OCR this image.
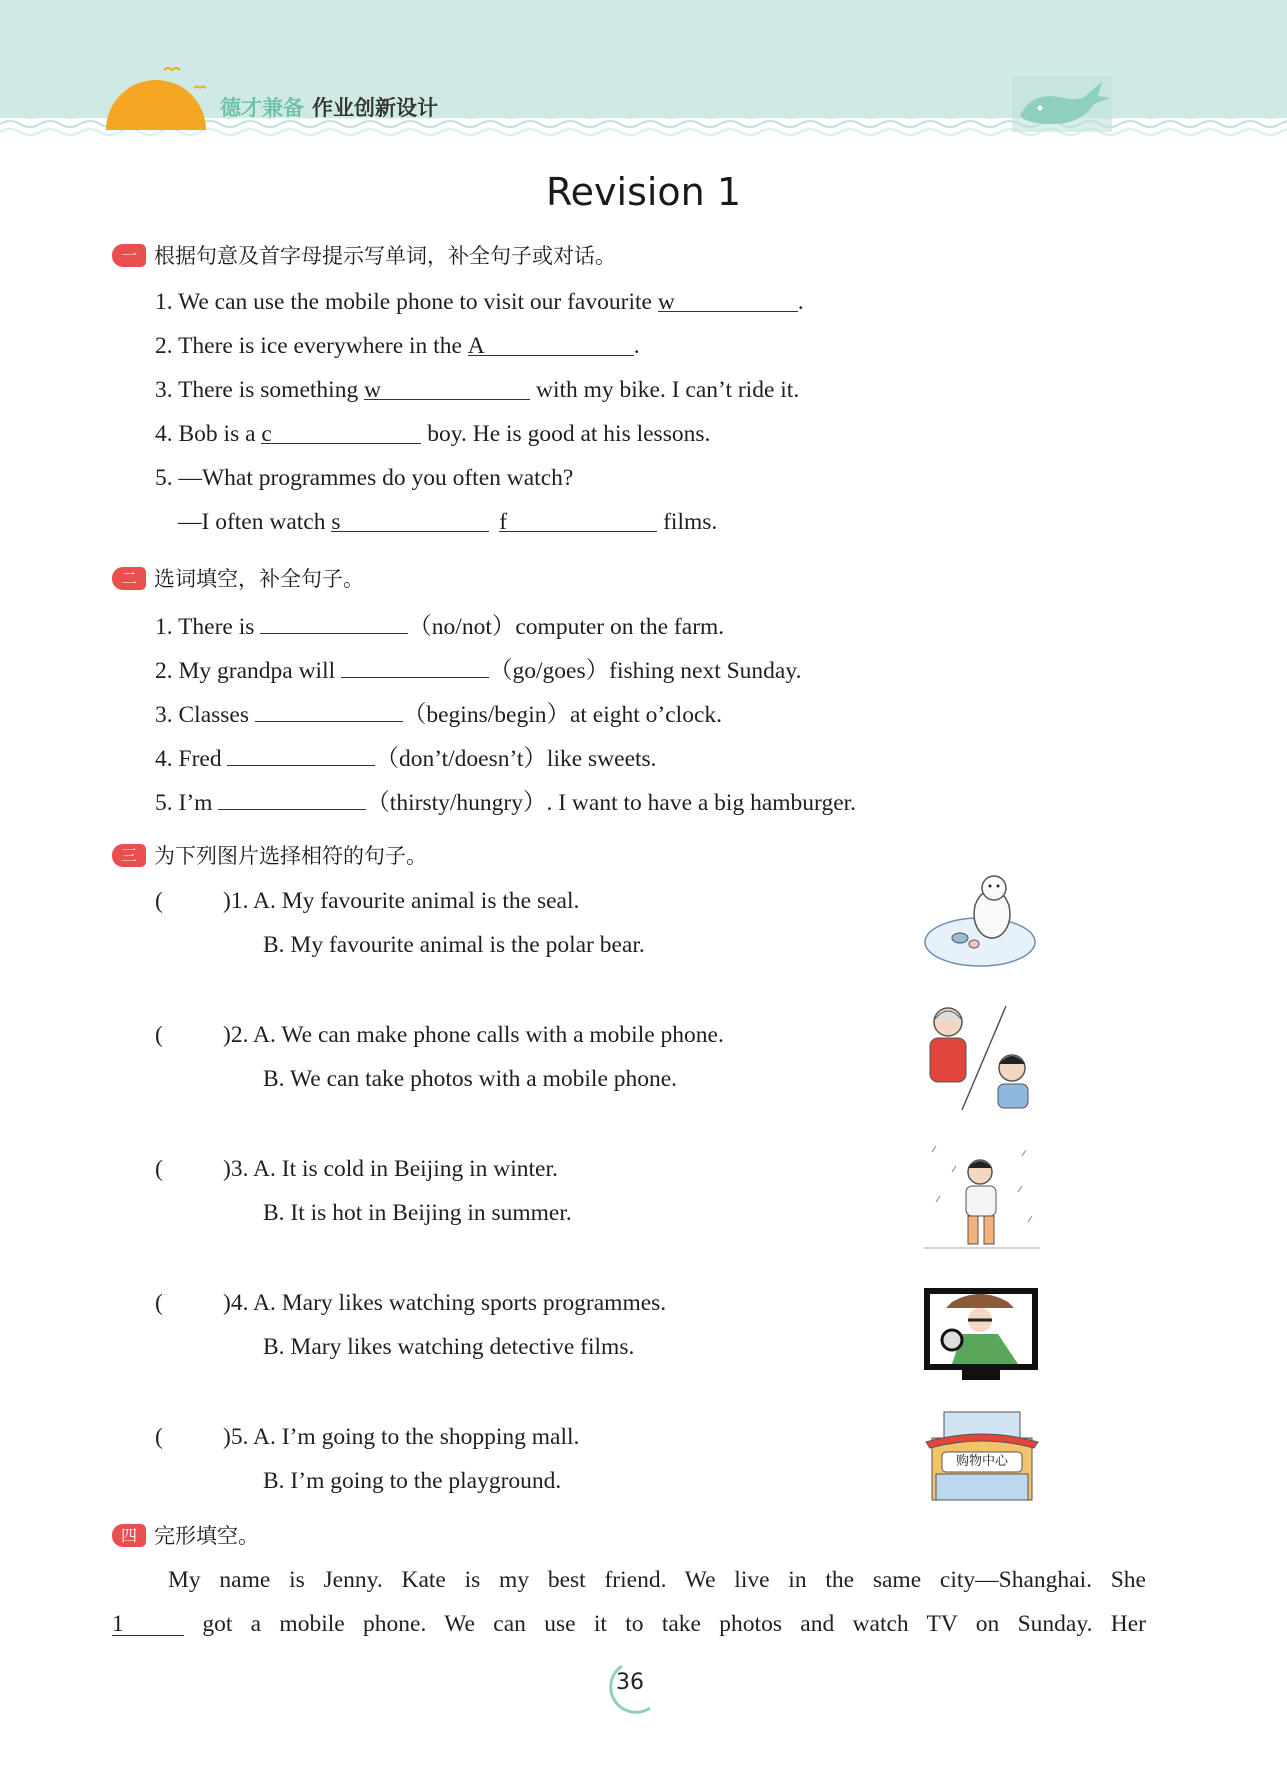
德才兼备 作业创新设计
Revision 1
一 根据句意及首字母提示写单词，补全句子或对话。
1. We can use the mobile phone to visit our favourite w	.
2. There is ice everywhere in the A	.
3. There is something w	with my bike. I can’t ride it.
4. Bob is a c	boy. He is good at his lessons.
5. —What programmes do you often watch?
—I often watch s	f	films.
二 选词填空，补全句子。
1. There is	（no/not）computer on the farm.
2. My grandpa will	（go/goes）fishing next Sunday.
3. Classes	（begins/begin）at eight o’clock.
4. Fred	（don’t/doesn’t）like sweets.
5. I’m	（thirsty/hungry）. I want to have a big hamburger.
三 为下列图片选择相符的句子。
(	)1. A. My favourite animal is the seal.
B. My favourite animal is the polar bear.
(	)2. A. We can make phone calls with a mobile phone.
B. We can take photos with a mobile phone.
(	)3. A. It is cold in Beijing in winter.
B. It is hot in Beijing in summer.
(	)4. A. Mary likes watching sports programmes.
B. Mary likes watching detective films.
(	)5. A. I’m going to the shopping mall.
B. I’m going to the playground.
购物中心
四 完形填空。
My name is Jenny. Kate is my best friend. We live in the same city—Shanghai. She
1	got a mobile phone. We can use it to take photos and watch TV on Sunday. Her
36
